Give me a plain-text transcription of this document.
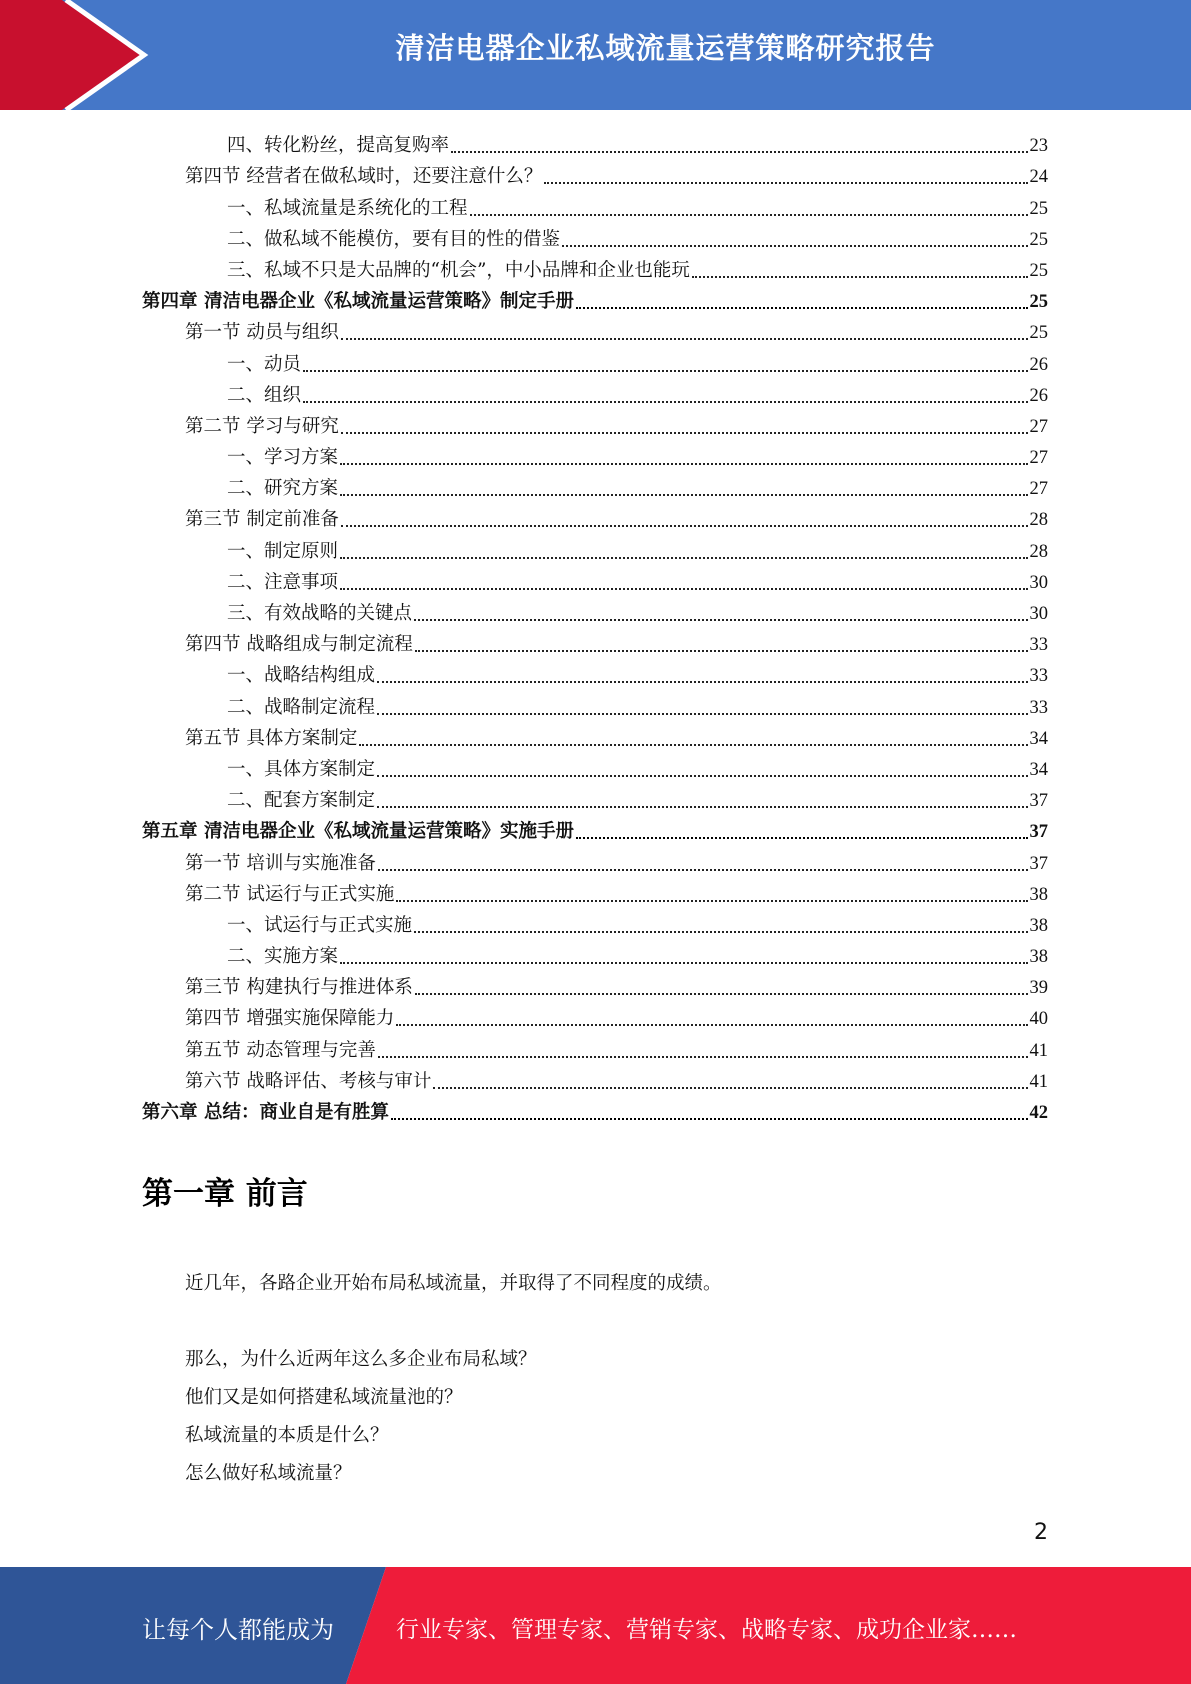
清洁电器企业私域流量运营策略研究报告
四、转化粉丝，提高复购率	23
第四节 经营者在做私域时，还要注意什么？	24
一、私域流量是系统化的工程	25
二、做私域不能模仿，要有目的性的借鉴	25
三、私域不只是大品牌的“机会”，中小品牌和企业也能玩	25
第四章 清洁电器企业《私域流量运营策略》制定手册	25
第一节 动员与组织	25
一、动员	26
二、组织	26
第二节 学习与研究	27
一、学习方案	27
二、研究方案	27
第三节 制定前准备	28
一、制定原则	28
二、注意事项	30
三、有效战略的关键点	30
第四节 战略组成与制定流程	33
一、战略结构组成	33
二、战略制定流程	33
第五节 具体方案制定	34
一、具体方案制定	34
二、配套方案制定	37
第五章 清洁电器企业《私域流量运营策略》实施手册	37
第一节 培训与实施准备	37
第二节 试运行与正式实施	38
一、试运行与正式实施	38
二、实施方案	38
第三节 构建执行与推进体系	39
第四节 增强实施保障能力	40
第五节 动态管理与完善	41
第六节 战略评估、考核与审计	41
第六章 总结：商业自是有胜算	42
第一章 前言

近几年，各路企业开始布局私域流量，并取得了不同程度的成绩。

那么，为什么近两年这么多企业布局私域？

他们又是如何搭建私域流量池的？

私域流量的本质是什么？

怎么做好私域流量？

2
让每个人都能成为	行业专家、管理专家、营销专家、战略专家、成功企业家……
